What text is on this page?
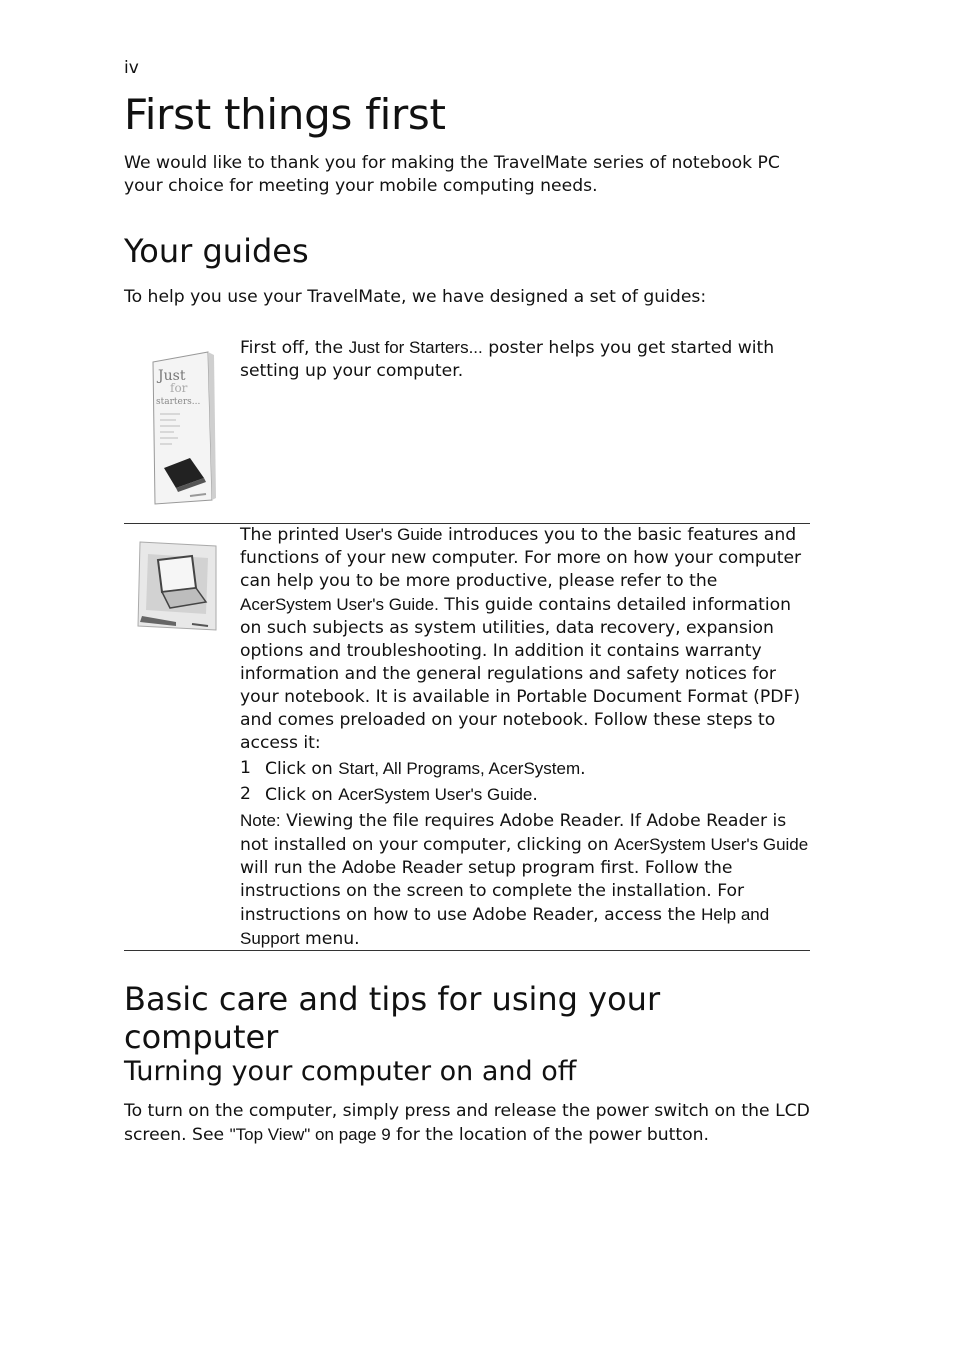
iv
First things first

We would like to thank you for making the TravelMate series of notebook PC your choice for meeting your mobile computing needs.

Your guides

To help you use your TravelMate, we have designed a set of guides:

Just
for
starters...

First off, the Just for Starters... poster helps you get started with setting up your computer.

The printed User's Guide introduces you to the basic features and functions of your new computer. For more on how your computer can help you to be more productive, please refer to the AcerSystem User's Guide. This guide contains detailed information on such subjects as system utilities, data recovery, expansion options and troubleshooting. In addition it contains warranty information and the general regulations and safety notices for your notebook. It is available in Portable Document Format (PDF) and comes preloaded on your notebook. Follow these steps to access it:

1 Click on Start, All Programs, AcerSystem.
2 Click on AcerSystem User's Guide.

Note: Viewing the file requires Adobe Reader. If Adobe Reader is not installed on your computer, clicking on AcerSystem User's Guide will run the Adobe Reader setup program first. Follow the instructions on the screen to complete the installation. For instructions on how to use Adobe Reader, access the Help and Support menu.

Basic care and tips for using your computer
Turning your computer on and off

To turn on the computer, simply press and release the power switch on the LCD screen. See "Top View" on page 9 for the location of the power button.
